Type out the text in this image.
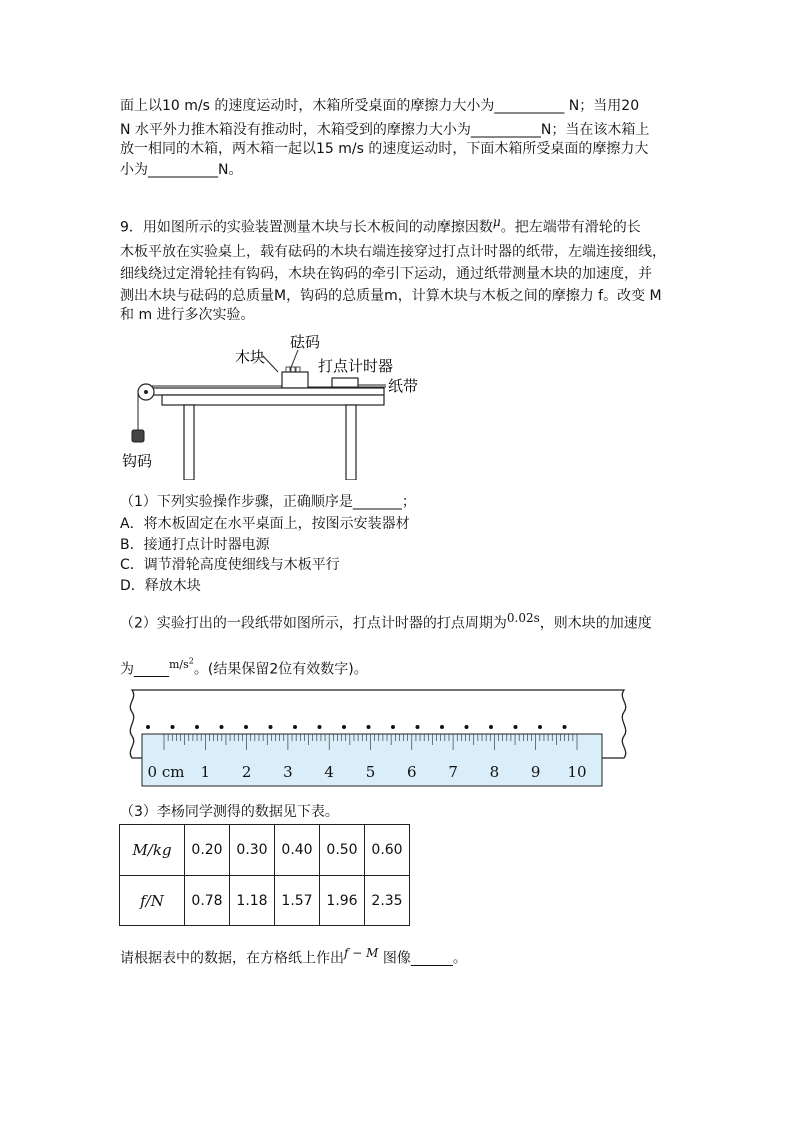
面上以10 m/s 的速度运动时，木箱所受桌面的摩擦力大小为__________ N；当用20
N 水平外力推木箱没有推动时，木箱受到的摩擦力大小为__________N；当在该木箱上
放一相同的木箱，两木箱一起以15 m/s 的速度运动时，下面木箱所受桌面的摩擦力大
小为__________N。
9．用如图所示的实验装置测量木块与长木板间的动摩擦因数$^\mu$。把左端带有滑轮的长
木板平放在实验桌上，载有砝码的木块右端连接穿过打点计时器的纸带，左端连接细线，
细线绕过定滑轮挂有钩码，木块在钩码的牵引下运动，通过纸带测量木块的加速度，并
测出木块与砝码的总质量M，钩码的总质量m，计算木块与木板之间的摩擦力 f。改变 M
和 m 进行多次实验。
砝码
木块	打点计时器
纸带
钩码
（1）下列实验操作步骤，正确顺序是_______；
A．将木板固定在水平桌面上，按图示安装器材
B．接通打点计时器电源
C．调节滑轮高度使细线与木板平行
D．释放木块
（2）实验打出的一段纸带如图所示，打点计时器的打点周期为$^{0.02s}$，则木块的加速度
为_____$^{m/s^2}$。(结果保留2位有效数字)。
0 cm 1 2 3 4 5 6 7 8 9 10
（3）李杨同学测得的数据见下表。
M/kg	0.20	0.30	0.40	0.50	0.60
f/N	0.78	1.18	1.57	1.96	2.35
请根据表中的数据，在方格纸上作出$^{f - M}$ 图像______。
